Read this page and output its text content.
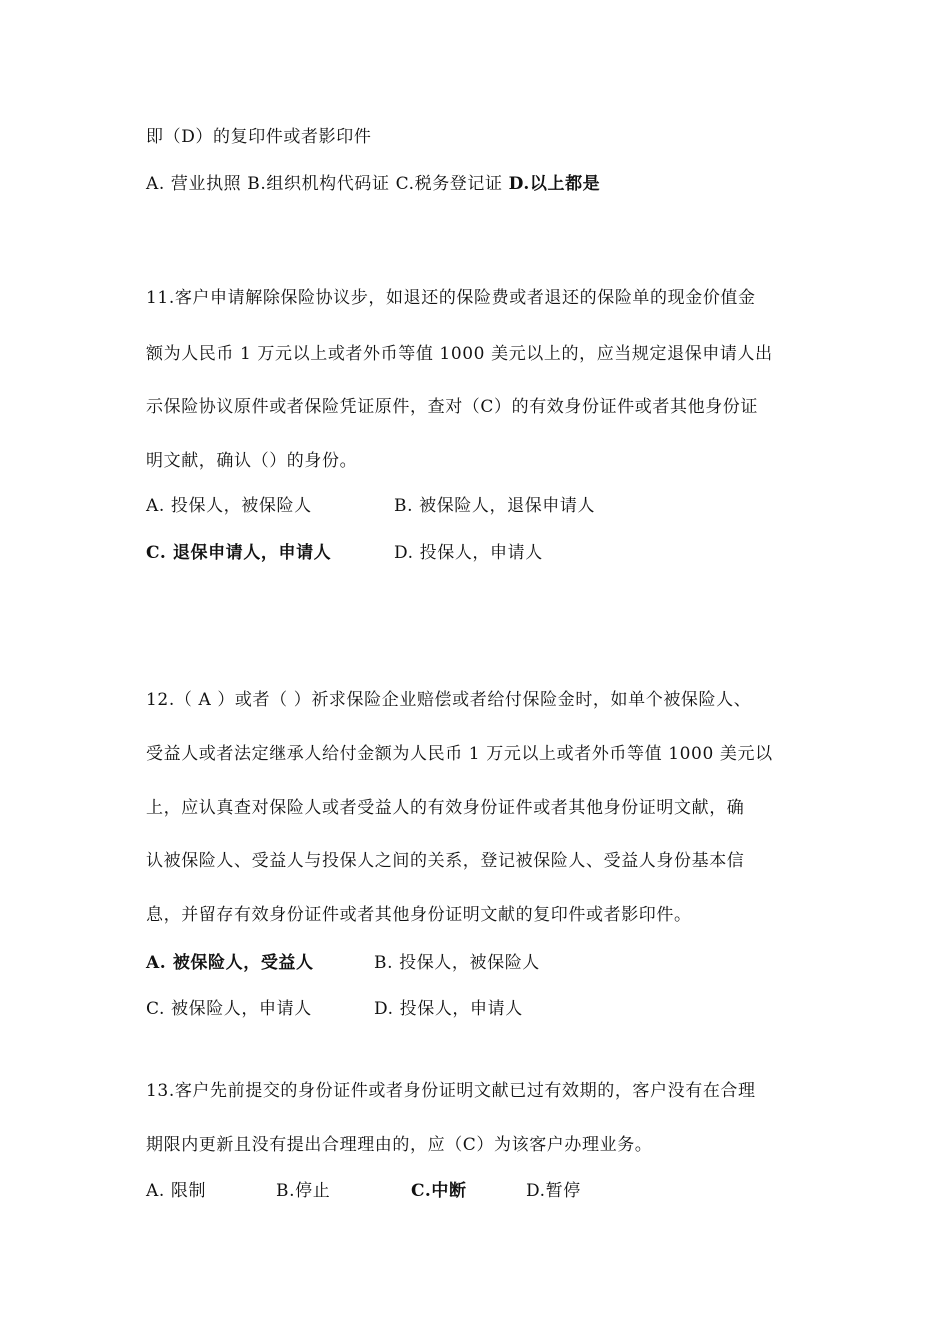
即（D）的复印件或者影印件
A. 营业执照 B.组织机构代码证 C.税务登记证 D.以上都是
11.客户申请解除保险协议步，如退还的保险费或者退还的保险单的现金价值金
额为人民币 1 万元以上或者外币等值 1000 美元以上的，应当规定退保申请人出
示保险协议原件或者保险凭证原件，查对（C）的有效身份证件或者其他身份证
明文献，确认（）的身份。
A. 投保人，被保险人	B. 被保险人，退保申请人
C. 退保申请人，申请人	D. 投保人，申请人
12.（ A ）或者（ ）祈求保险企业赔偿或者给付保险金时，如单个被保险人、
受益人或者法定继承人给付金额为人民币 1 万元以上或者外币等值 1000 美元以
上，应认真查对保险人或者受益人的有效身份证件或者其他身份证明文献，确
认被保险人、受益人与投保人之间的关系，登记被保险人、受益人身份基本信
息，并留存有效身份证件或者其他身份证明文献的复印件或者影印件。
A. 被保险人，受益人	B. 投保人，被保险人
C. 被保险人，申请人	D. 投保人，申请人
13.客户先前提交的身份证件或者身份证明文献已过有效期的，客户没有在合理
期限内更新且没有提出合理理由的，应（C）为该客户办理业务。
A. 限制	B.停止	C.中断	D.暂停
